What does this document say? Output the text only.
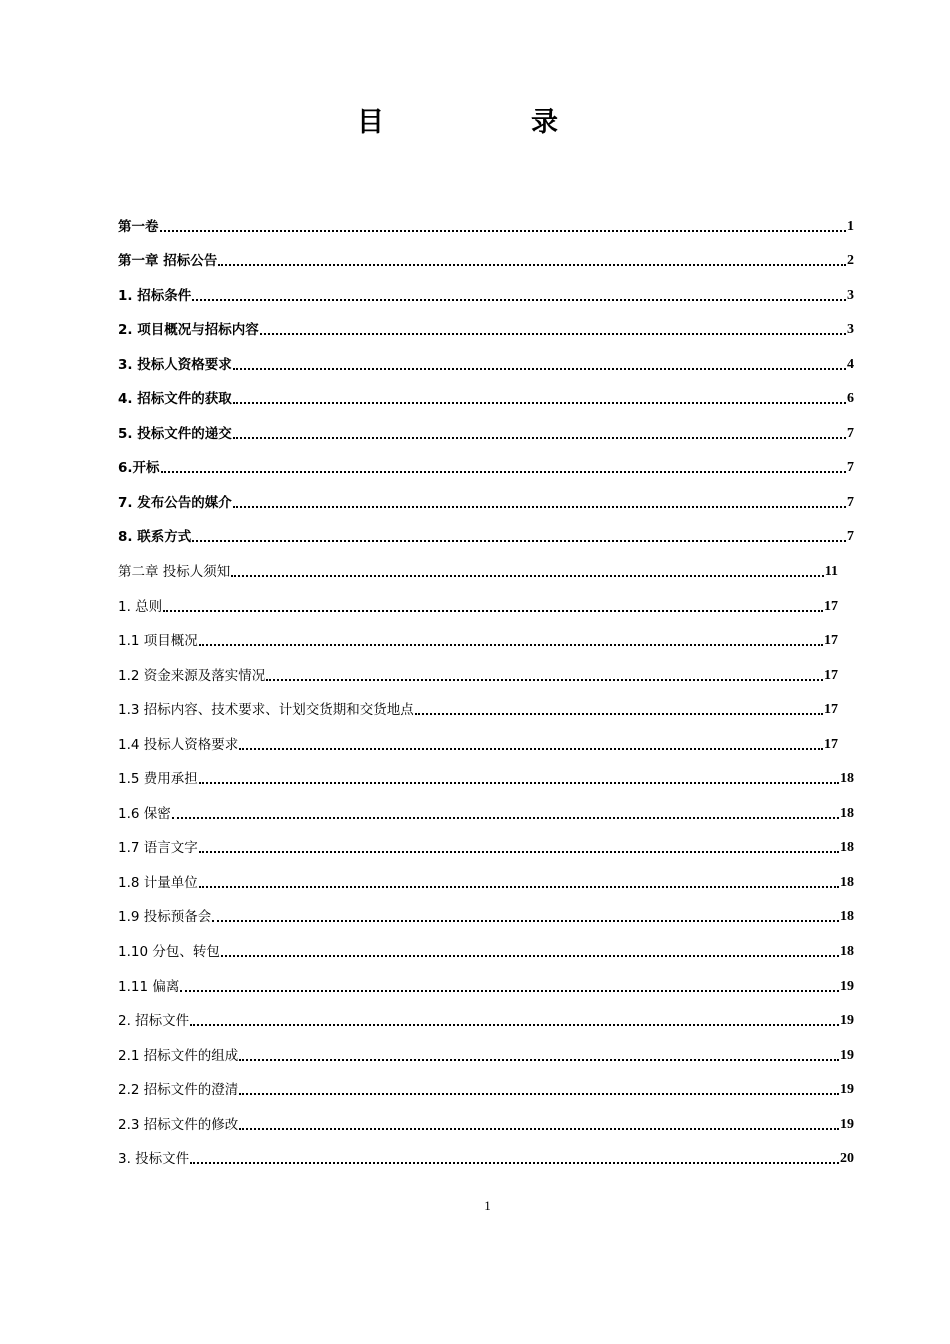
目　录
第一卷	1
第一章 招标公告	2
1. 招标条件	3
2. 项目概况与招标内容	3
3. 投标人资格要求	4
4. 招标文件的获取	6
5. 投标文件的递交	7
6.开标	7
7. 发布公告的媒介	7
8. 联系方式	7
第二章 投标人须知	11
1. 总则	17
1.1 项目概况	17
1.2 资金来源及落实情况	17
1.3 招标内容、技术要求、计划交货期和交货地点	17
1.4 投标人资格要求	17
1.5 费用承担	18
1.6 保密	18
1.7 语言文字	18
1.8 计量单位	18
1.9 投标预备会	18
1.10 分包、转包	18
1.11 偏离	19
2. 招标文件	19
2.1 招标文件的组成	19
2.2 招标文件的澄清	19
2.3 招标文件的修改	19
3. 投标文件	20
1
